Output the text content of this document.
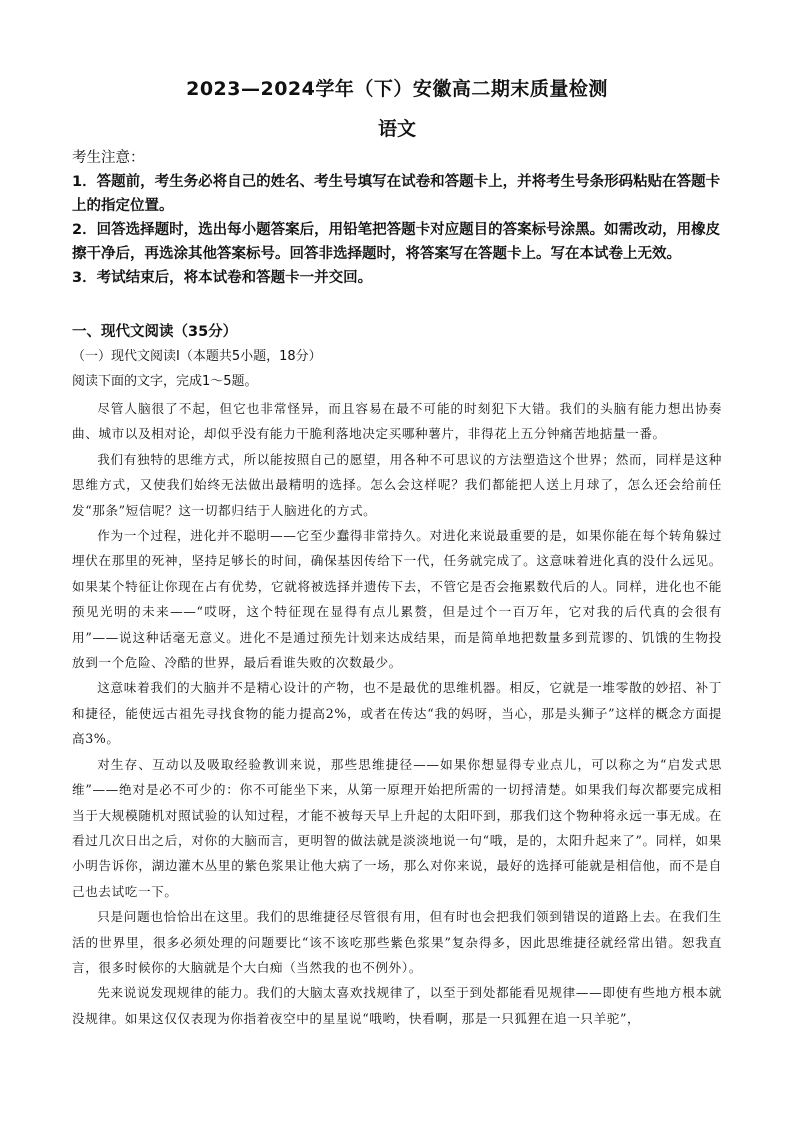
2023—2024学年（下）安徽高二期末质量检测
语文
考生注意：

1．答题前，考生务必将自己的姓名、考生号填写在试卷和答题卡上，并将考生号条形码粘贴在答题卡上的指定位置。

2．回答选择题时，选出每小题答案后，用铅笔把答题卡对应题目的答案标号涂黑。如需改动，用橡皮擦干净后，再选涂其他答案标号。回答非选择题时，将答案写在答题卡上。写在本试卷上无效。

3．考试结束后，将本试卷和答题卡一并交回。

一、现代文阅读（35分）
（一）现代文阅读Ⅰ（本题共5小题，18分）
阅读下面的文字，完成1～5题。

尽管人脑很了不起，但它也非常怪异，而且容易在最不可能的时刻犯下大错。我们的头脑有能力想出协奏曲、城市以及相对论，却似乎没有能力干脆利落地决定买哪种薯片，非得花上五分钟痛苦地掂量一番。

我们有独特的思维方式，所以能按照自己的愿望，用各种不可思议的方法塑造这个世界；然而，同样是这种思维方式，又使我们始终无法做出最精明的选择。怎么会这样呢？我们都能把人送上月球了，怎么还会给前任发“那条”短信呢？这一切都归结于人脑进化的方式。

作为一个过程，进化并不聪明——它至少蠢得非常持久。对进化来说最重要的是，如果你能在每个转角躲过埋伏在那里的死神，坚持足够长的时间，确保基因传给下一代，任务就完成了。这意味着进化真的没什么远见。如果某个特征让你现在占有优势，它就将被选择并遗传下去，不管它是否会拖累数代后的人。同样，进化也不能预见光明的未来——“哎呀，这个特征现在显得有点儿累赘，但是过个一百万年，它对我的后代真的会很有用”——说这种话毫无意义。进化不是通过预先计划来达成结果，而是简单地把数量多到荒谬的、饥饿的生物投放到一个危险、冷酷的世界，最后看谁失败的次数最少。

这意味着我们的大脑并不是精心设计的产物，也不是最优的思维机器。相反，它就是一堆零散的妙招、补丁和捷径，能使远古祖先寻找食物的能力提高2%，或者在传达“我的妈呀，当心，那是头狮子”这样的概念方面提高3%。

对生存、互动以及吸取经验教训来说，那些思维捷径——如果你想显得专业点儿，可以称之为“启发式思维”——绝对是必不可少的：你不可能坐下来，从第一原理开始把所需的一切捋清楚。如果我们每次都要完成相当于大规模随机对照试验的认知过程，才能不被每天早上升起的太阳吓到，那我们这个物种将永远一事无成。在看过几次日出之后，对你的大脑而言，更明智的做法就是淡淡地说一句“哦，是的，太阳升起来了”。同样，如果小明告诉你，湖边灌木丛里的紫色浆果让他大病了一场，那么对你来说，最好的选择可能就是相信他，而不是自己也去试吃一下。

只是问题也恰恰出在这里。我们的思维捷径尽管很有用，但有时也会把我们领到错误的道路上去。在我们生活的世界里，很多必须处理的问题要比“该不该吃那些紫色浆果”复杂得多，因此思维捷径就经常出错。恕我直言，很多时候你的大脑就是个大白痴（当然我的也不例外）。

先来说说发现规律的能力。我们的大脑太喜欢找规律了，以至于到处都能看见规律——即使有些地方根本就没规律。如果这仅仅表现为你指着夜空中的星星说“哦哟，快看啊，那是一只狐狸在追一只羊驼”，
